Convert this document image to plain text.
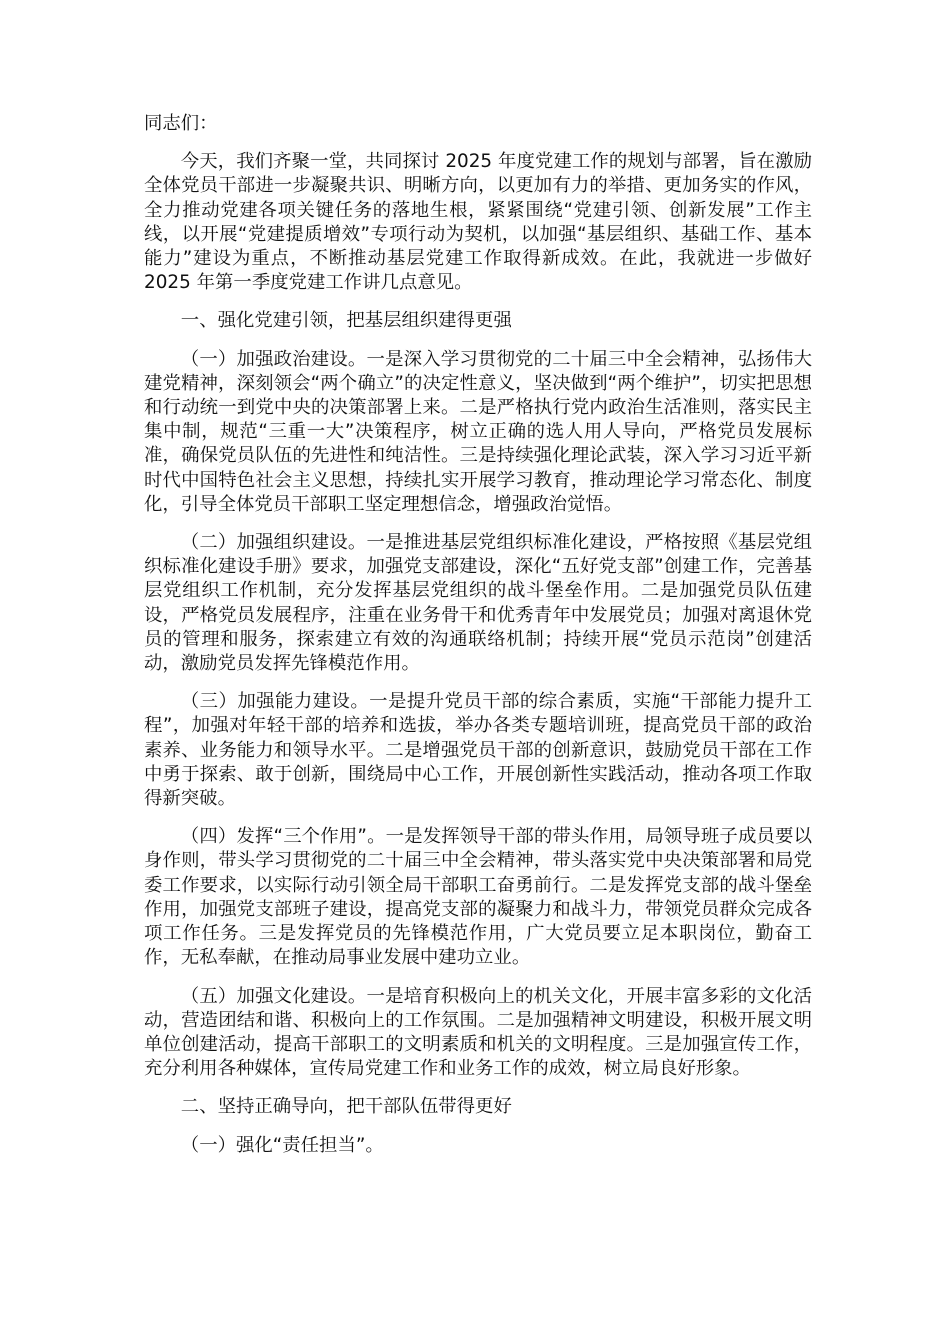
同志们：

今天，我们齐聚一堂，共同探讨 2025 年度党建工作的规划与部署，旨在激励全体党员干部进一步凝聚共识、明晰方向，以更加有力的举措、更加务实的作风，全力推动党建各项关键任务的落地生根，紧紧围绕“党建引领、创新发展”工作主线，以开展“党建提质增效”专项行动为契机，以加强“基层组织、基础工作、基本能力”建设为重点，不断推动基层党建工作取得新成效。在此，我就进一步做好 2025 年第一季度党建工作讲几点意见。

一、强化党建引领，把基层组织建得更强

（一）加强政治建设。一是深入学习贯彻党的二十届三中全会精神，弘扬伟大建党精神，深刻领会“两个确立”的决定性意义，坚决做到“两个维护”，切实把思想和行动统一到党中央的决策部署上来。二是严格执行党内政治生活准则，落实民主集中制，规范“三重一大”决策程序，树立正确的选人用人导向，严格党员发展标准，确保党员队伍的先进性和纯洁性。三是持续强化理论武装，深入学习习近平新时代中国特色社会主义思想，持续扎实开展学习教育，推动理论学习常态化、制度化，引导全体党员干部职工坚定理想信念，增强政治觉悟。

（二）加强组织建设。一是推进基层党组织标准化建设，严格按照《基层党组织标准化建设手册》要求，加强党支部建设，深化“五好党支部”创建工作，完善基层党组织工作机制，充分发挥基层党组织的战斗堡垒作用。二是加强党员队伍建设，严格党员发展程序，注重在业务骨干和优秀青年中发展党员；加强对离退休党员的管理和服务，探索建立有效的沟通联络机制；持续开展“党员示范岗”创建活动，激励党员发挥先锋模范作用。

（三）加强能力建设。一是提升党员干部的综合素质，实施“干部能力提升工程”，加强对年轻干部的培养和选拔，举办各类专题培训班，提高党员干部的政治素养、业务能力和领导水平。二是增强党员干部的创新意识，鼓励党员干部在工作中勇于探索、敢于创新，围绕局中心工作，开展创新性实践活动，推动各项工作取得新突破。

（四）发挥“三个作用”。一是发挥领导干部的带头作用，局领导班子成员要以身作则，带头学习贯彻党的二十届三中全会精神，带头落实党中央决策部署和局党委工作要求，以实际行动引领全局干部职工奋勇前行。二是发挥党支部的战斗堡垒作用，加强党支部班子建设，提高党支部的凝聚力和战斗力，带领党员群众完成各项工作任务。三是发挥党员的先锋模范作用，广大党员要立足本职岗位，勤奋工作，无私奉献，在推动局事业发展中建功立业。

（五）加强文化建设。一是培育积极向上的机关文化，开展丰富多彩的文化活动，营造团结和谐、积极向上的工作氛围。二是加强精神文明建设，积极开展文明单位创建活动，提高干部职工的文明素质和机关的文明程度。三是加强宣传工作，充分利用各种媒体，宣传局党建工作和业务工作的成效，树立局良好形象。

二、坚持正确导向，把干部队伍带得更好

（一）强化“责任担当”。
